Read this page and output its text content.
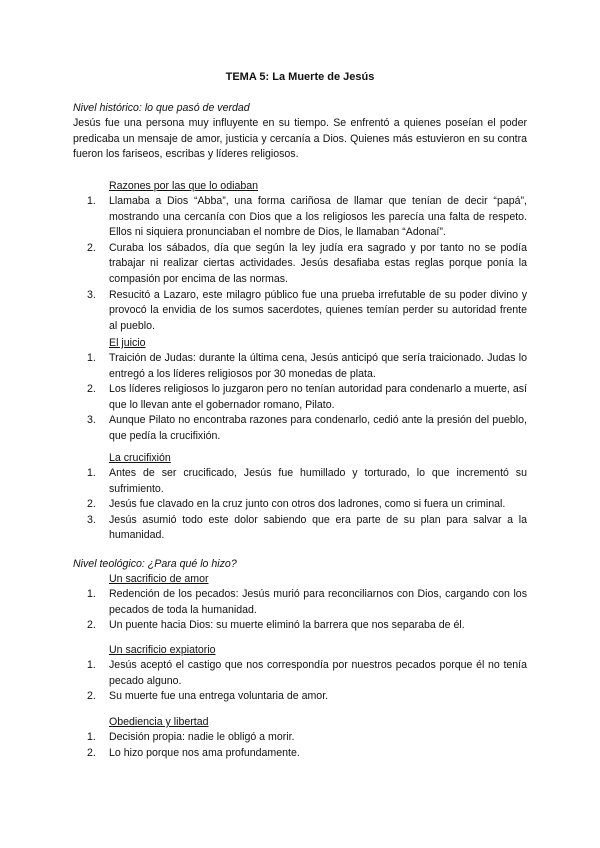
TEMA 5: La Muerte de Jesús
Nivel histórico: lo que pasó de verdad
Jesús fue una persona muy influyente en su tiempo. Se enfrentó a quienes poseían el poder predicaba un mensaje de amor, justicia y cercanía a Dios. Quienes más estuvieron en su contra fueron los fariseos, escribas y líderes religiosos.
Razones por las que lo odiaban
1. Llamaba a Dios “Abba”, una forma cariñosa de llamar que tenían de decir “papá”, mostrando una cercanía con Dios que a los religiosos les parecía una falta de respeto. Ellos ni siquiera pronunciaban el nombre de Dios, le llamaban “Adonaí”.
2. Curaba los sábados, día que según la ley judía era sagrado y por tanto no se podía trabajar ni realizar ciertas actividades. Jesús desafiaba estas reglas porque ponía la compasión por encima de las normas.
3. Resucitó a Lazaro, este milagro público fue una prueba irrefutable de su poder divino y provocó la envidia de los sumos sacerdotes, quienes temían perder su autoridad frente al pueblo.
El juicio
1. Traición de Judas: durante la última cena, Jesús anticipó que sería traicionado. Judas lo entregó a los líderes religiosos por 30 monedas de plata.
2. Los líderes religiosos lo juzgaron pero no tenían autoridad para condenarlo a muerte, así que lo llevan ante el gobernador romano, Pilato.
3. Aunque Pilato no encontraba razones para condenarlo, cedió ante la presión del pueblo, que pedía la crucifixión.
La crucifixión
1. Antes de ser crucificado, Jesús fue humillado y torturado, lo que incrementó su sufrimiento.
2. Jesús fue clavado en la cruz junto con otros dos ladrones, como si fuera un criminal.
3. Jesús asumió todo este dolor sabiendo que era parte de su plan para salvar a la humanidad.
Nivel teológico: ¿Para qué lo hizo?
Un sacrificio de amor
1. Redención de los pecados: Jesús murió para reconciliarnos con Dios, cargando con los pecados de toda la humanidad.
2. Un puente hacia Dios: su muerte eliminó la barrera que nos separaba de él.
Un sacrificio expiatorio
1. Jesús aceptó el castigo que nos correspondía por nuestros pecados porque él no tenía pecado alguno.
2. Su muerte fue una entrega voluntaria de amor.
Obediencia y libertad
1. Decisión propia: nadie le obligó a morir.
2. Lo hizo porque nos ama profundamente.
